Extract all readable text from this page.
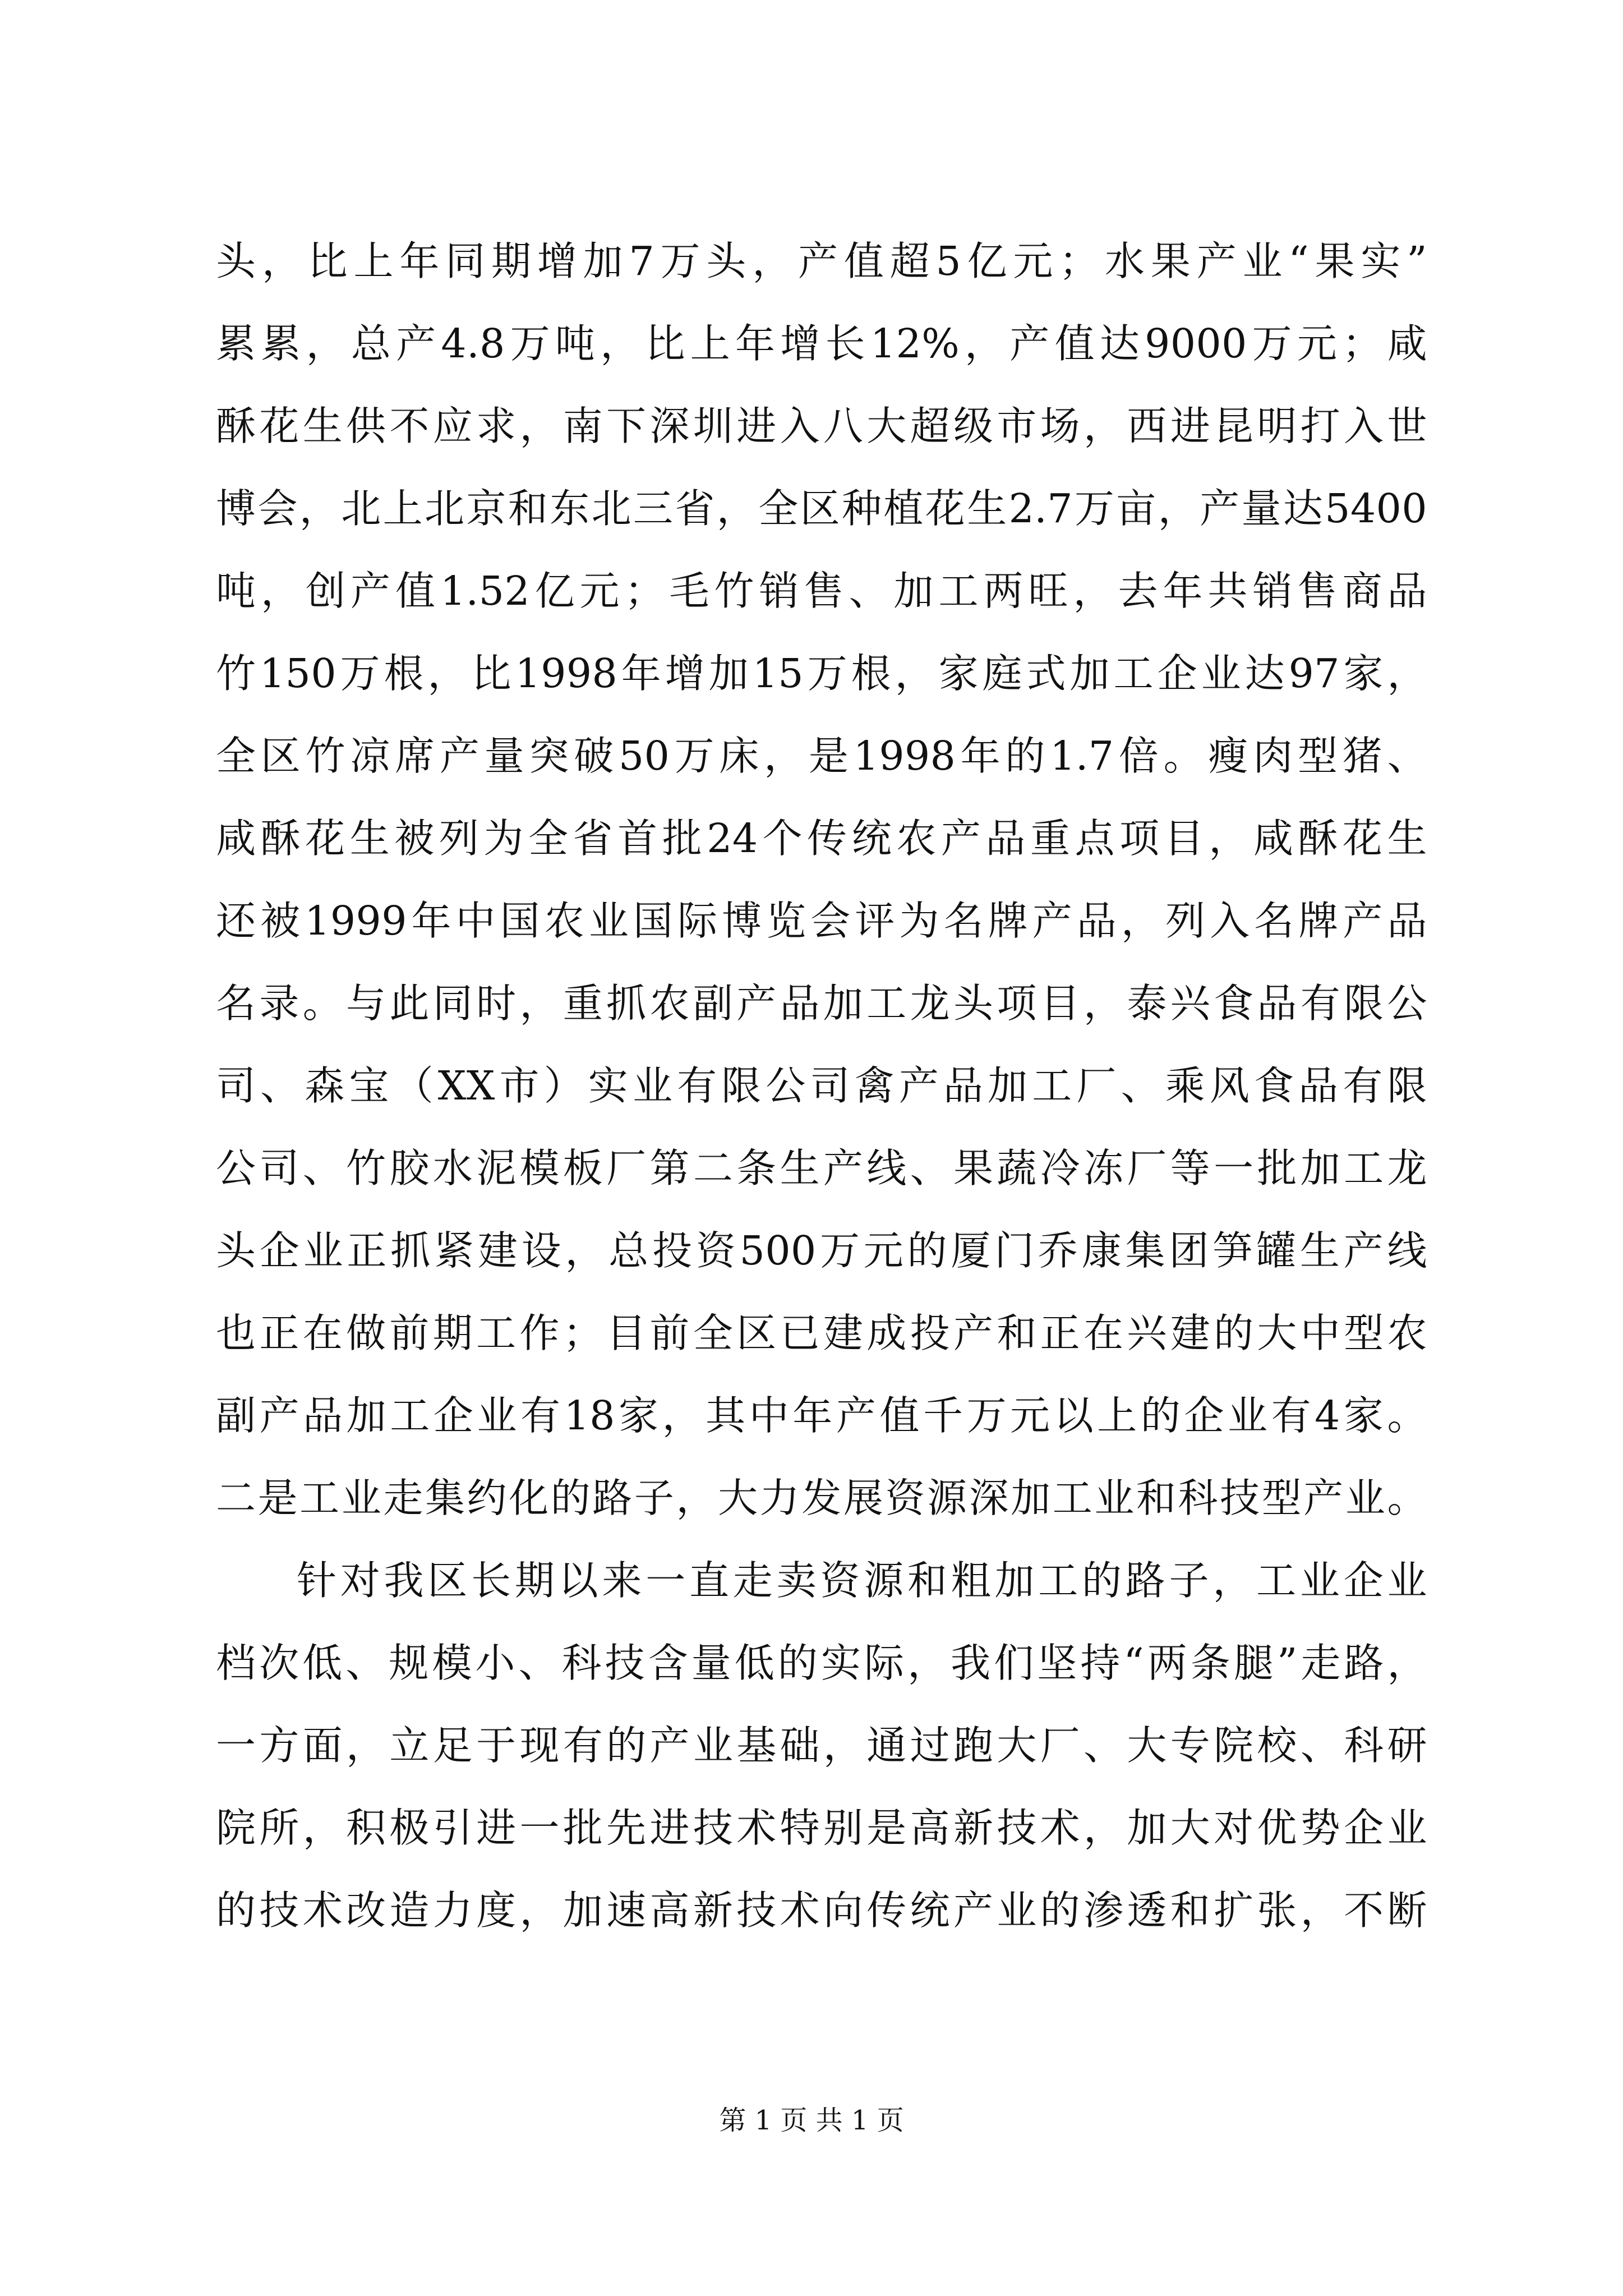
头，比上年同期增加7万头，产值超5亿元；水果产业“果实”
累累，总产4.8万吨，比上年增长12%，产值达9000万元；咸
酥花生供不应求，南下深圳进入八大超级市场，西进昆明打入世
博会，北上北京和东北三省，全区种植花生2.7万亩，产量达5400
吨，创产值1.52亿元；毛竹销售、加工两旺，去年共销售商品
竹150万根，比1998年增加15万根，家庭式加工企业达97家，
全区竹凉席产量突破50万床，是1998年的1.7倍。瘦肉型猪、
咸酥花生被列为全省首批24个传统农产品重点项目，咸酥花生
还被1999年中国农业国际博览会评为名牌产品，列入名牌产品
名录。与此同时，重抓农副产品加工龙头项目，泰兴食品有限公
司、森宝（XX市）实业有限公司禽产品加工厂、乘风食品有限
公司、竹胶水泥模板厂第二条生产线、果蔬冷冻厂等一批加工龙
头企业正抓紧建设，总投资500万元的厦门乔康集团笋罐生产线
也正在做前期工作；目前全区已建成投产和正在兴建的大中型农
副产品加工企业有18家，其中年产值千万元以上的企业有4家。
二是工业走集约化的路子，大力发展资源深加工业和科技型产业。
针对我区长期以来一直走卖资源和粗加工的路子，工业企业
档次低、规模小、科技含量低的实际，我们坚持“两条腿”走路，
一方面，立足于现有的产业基础，通过跑大厂、大专院校、科研
院所，积极引进一批先进技术特别是高新技术，加大对优势企业
的技术改造力度，加速高新技术向传统产业的渗透和扩张，不断
第 1 页 共 1 页
